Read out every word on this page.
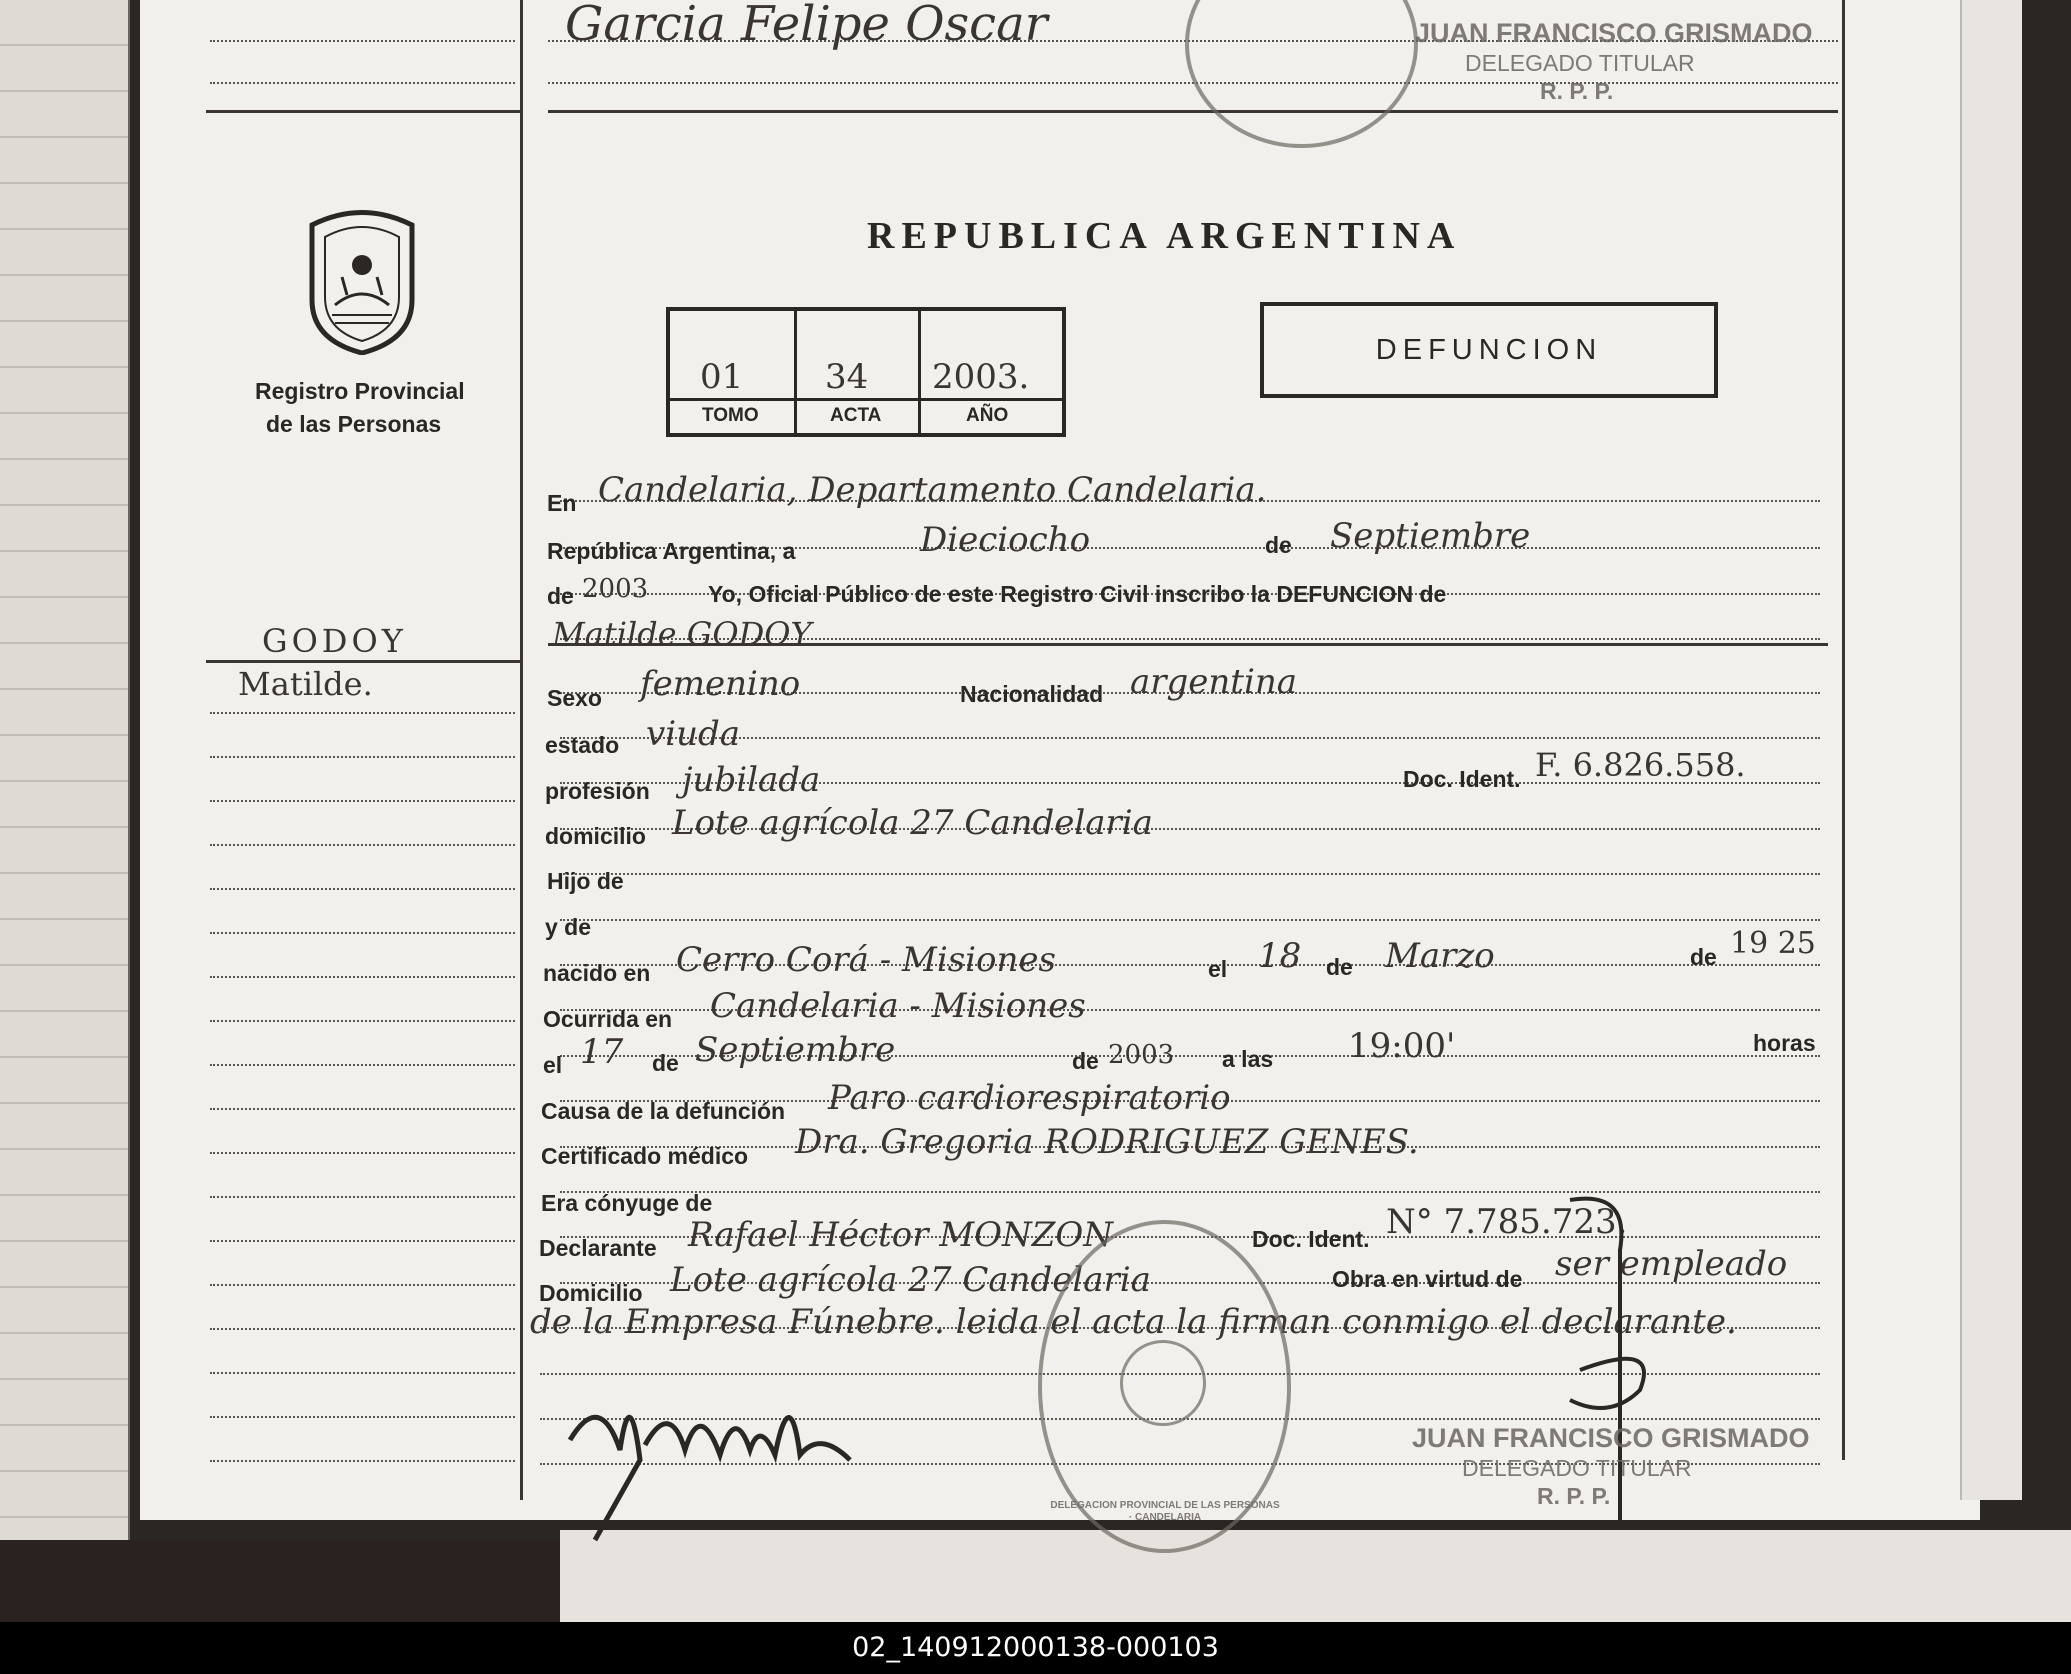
Garcia Felipe Oscar	JUAN FRANCISCO GRISMADO
DELEGADO TITULAR
R. P. P.
Registro Provincial
de las Personas
GODOY
Matilde.
REPUBLICA ARGENTINA
01 34 2003.
TOMO	ACTA	AÑO
DEFUNCION
En Candelaria, Departamento Candelaria.
República Argentina, a	Dieciocho	de Septiembre
de 2003	Yo, Oficial Público de este Registro Civil inscribo la DEFUNCION de
Matilde GODOY
Sexo femenino	Nacionalidad argentina
estado viuda
profesión jubilada	Doc. Ident. F. 6.826.558.
domicilio Lote agrícola 27 Candelaria
Hijo de
y de
nacido en Cerro Corá - Misiones	el 18 de Marzo	de 19 25
Ocurrida en Candelaria - Misiones
el 17 de Septiembre	de 2003 a las 19:00'	horas
Causa de la defunción Paro cardiorespiratorio
Certificado médico Dra. Gregoria RODRIGUEZ GENES.
Era cónyuge de
Declarante Rafael Héctor MONZON	Doc. Ident. N° 7.785.723.
Domicilio Lote agrícola 27 Candelaria	Obra en virtud de ser empleado
de la Empresa Fúnebre. leida el acta la firman conmigo el declarante.
DELEGACION PROVINCIAL DE LAS PERSONAS · CANDELARIA
JUAN FRANCISCO GRISMADO
DELEGADO TITULAR
R. P. P.
02_140912000138-000103
